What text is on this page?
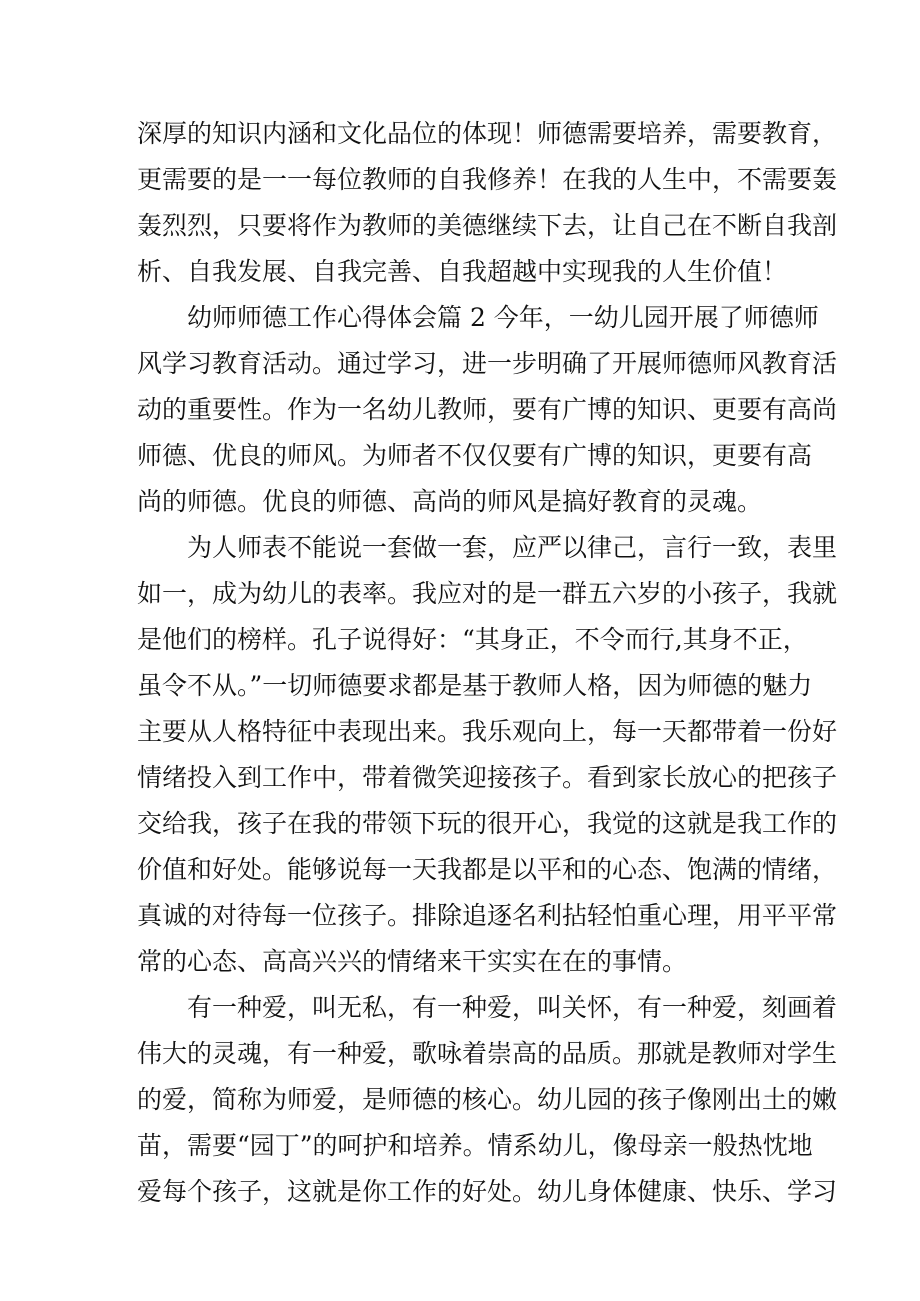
深厚的知识内涵和文化品位的体现！师德需要培养，需要教育，
更需要的是一一每位教师的自我修养！在我的人生中，不需要轰
轰烈烈，只要将作为教师的美德继续下去，让自己在不断自我剖
析、自我发展、自我完善、自我超越中实现我的人生价值！
幼师师德工作心得体会篇 2 今年，一幼儿园开展了师德师
风学习教育活动。通过学习，进一步明确了开展师德师风教育活
动的重要性。作为一名幼儿教师，要有广博的知识、更要有高尚
师德、优良的师风。为师者不仅仅要有广博的知识，更要有高
尚的师德。优良的师德、高尚的师风是搞好教育的灵魂。
为人师表不能说一套做一套，应严以律己，言行一致，表里
如一，成为幼儿的表率。我应对的是一群五六岁的小孩子，我就
是他们的榜样。孔子说得好：“其身正，不令而行,其身不正，
虽令不从。”一切师德要求都是基于教师人格，因为师德的魅力
主要从人格特征中表现出来。我乐观向上，每一天都带着一份好
情绪投入到工作中，带着微笑迎接孩子。看到家长放心的把孩子
交给我，孩子在我的带领下玩的很开心，我觉的这就是我工作的
价值和好处。能够说每一天我都是以平和的心态、饱满的情绪，
真诚的对待每一位孩子。排除追逐名利拈轻怕重心理，用平平常
常的心态、高高兴兴的情绪来干实实在在的事情。
有一种爱，叫无私，有一种爱，叫关怀，有一种爱，刻画着
伟大的灵魂，有一种爱，歌咏着崇高的品质。那就是教师对学生
的爱，简称为师爱，是师德的核心。幼儿园的孩子像刚出土的嫩
苗，需要“园丁”的呵护和培养。情系幼儿，像母亲一般热忱地
爱每个孩子，这就是你工作的好处。幼儿身体健康、快乐、学习
